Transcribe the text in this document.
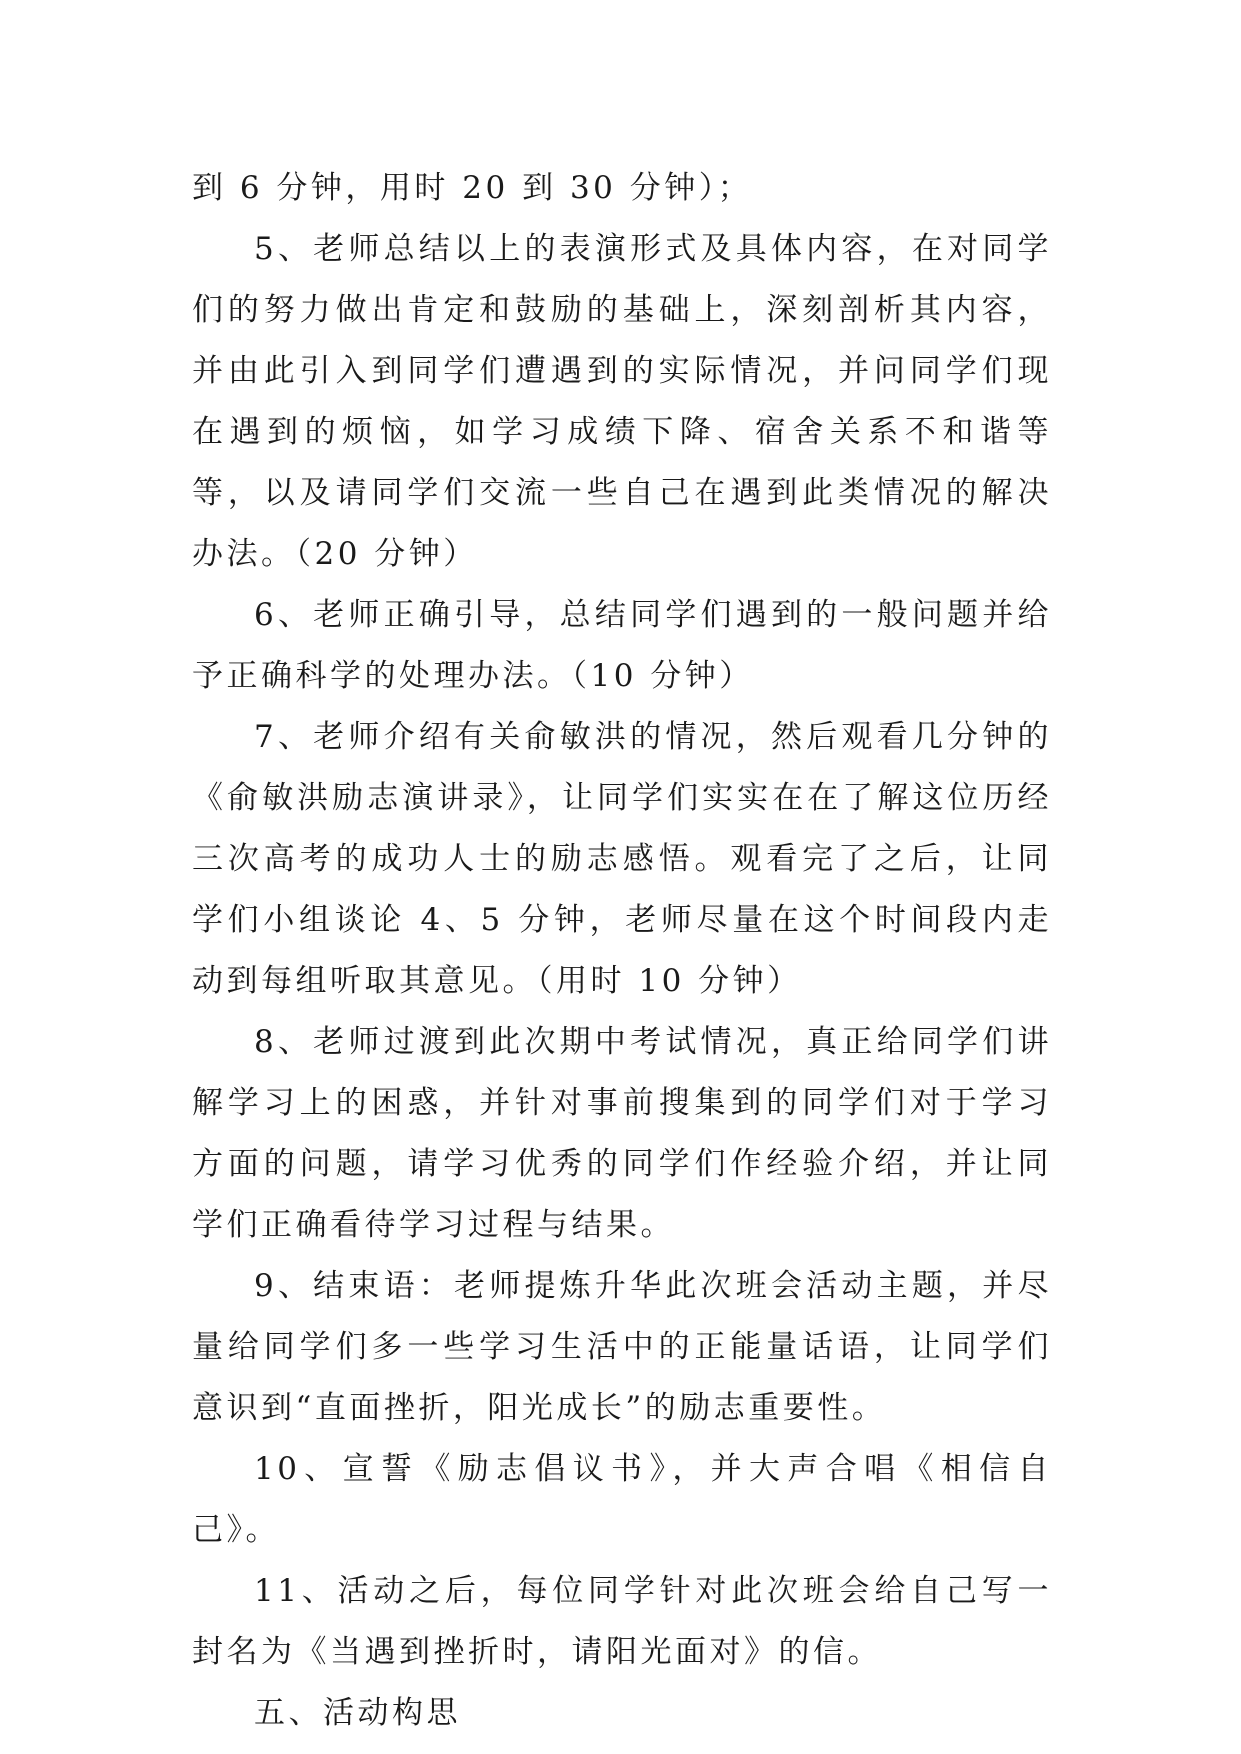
到 6 分钟，用时 20 到 30 分钟）；

5、老师总结以上的表演形式及具体内容，在对同学们的努力做出肯定和鼓励的基础上，深刻剖析其内容，并由此引入到同学们遭遇到的实际情况，并问同学们现在遇到的烦恼，如学习成绩下降、宿舍关系不和谐等等，以及请同学们交流一些自己在遇到此类情况的解决办法。（20 分钟）

6、老师正确引导，总结同学们遇到的一般问题并给予正确科学的处理办法。（10 分钟）

7、老师介绍有关俞敏洪的情况，然后观看几分钟的《俞敏洪励志演讲录》，让同学们实实在在了解这位历经三次高考的成功人士的励志感悟。观看完了之后，让同学们小组谈论 4、5 分钟，老师尽量在这个时间段内走动到每组听取其意见。（用时 10 分钟）

8、老师过渡到此次期中考试情况，真正给同学们讲解学习上的困惑，并针对事前搜集到的同学们对于学习方面的问题，请学习优秀的同学们作经验介绍，并让同学们正确看待学习过程与结果。

9、结束语：老师提炼升华此次班会活动主题，并尽量给同学们多一些学习生活中的正能量话语，让同学们意识到“直面挫折，阳光成长”的励志重要性。

10、宣誓《励志倡议书》，并大声合唱《相信自己》。

11、活动之后，每位同学针对此次班会给自己写一封名为《当遇到挫折时，请阳光面对》的信。

五、活动构思
